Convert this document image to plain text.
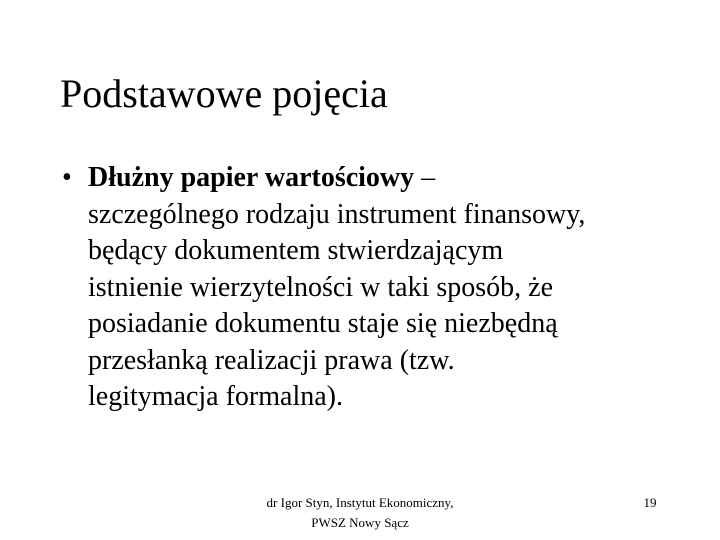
Podstawowe pojęcia
• Dłużny papier wartościowy –
szczególnego rodzaju instrument finansowy,
będący dokumentem stwierdzającym
istnienie wierzytelności w taki sposób, że
posiadanie dokumentu staje się niezbędną
przesłanką realizacji prawa (tzw.
legitymacja formalna).
dr Igor Styn, Instytut Ekonomiczny,
PWSZ Nowy Sącz
19
